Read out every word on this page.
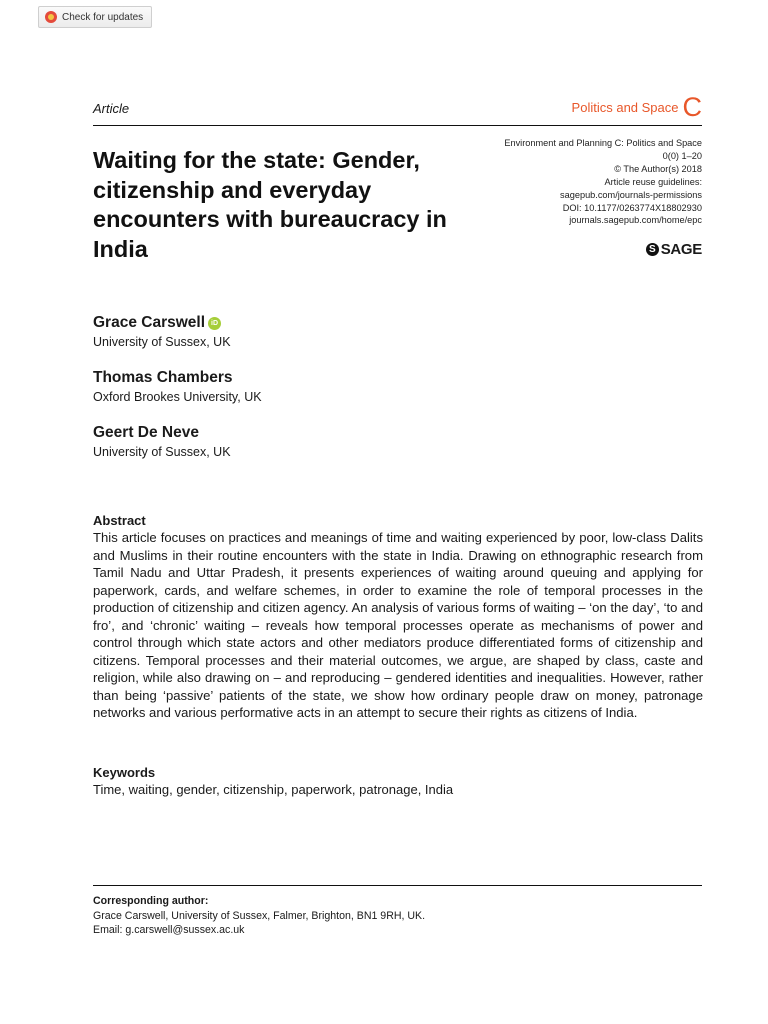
Check for updates
Article	Politics and Space C
Environment and Planning C: Politics and Space
0(0) 1–20
© The Author(s) 2018
Article reuse guidelines:
sagepub.com/journals-permissions
DOI: 10.1177/0263774X18802930
journals.sagepub.com/home/epc
S SAGE
Waiting for the state: Gender, citizenship and everyday encounters with bureaucracy in India
Grace Carswell iD
University of Sussex, UK
Thomas Chambers
Oxford Brookes University, UK
Geert De Neve
University of Sussex, UK
Abstract

This article focuses on practices and meanings of time and waiting experienced by poor, low-class Dalits and Muslims in their routine encounters with the state in India. Drawing on ethnographic research from Tamil Nadu and Uttar Pradesh, it presents experiences of waiting around queuing and applying for paperwork, cards, and welfare schemes, in order to examine the role of temporal processes in the production of citizenship and citizen agency. An analysis of various forms of waiting – ‘on the day’, ‘to and fro’, and ‘chronic’ waiting – reveals how temporal processes operate as mechanisms of power and control through which state actors and other mediators produce differentiated forms of citizenship and citizens. Temporal processes and their material outcomes, we argue, are shaped by class, caste and religion, while also drawing on – and reproducing – gendered identities and inequalities. However, rather than being ‘passive’ patients of the state, we show how ordinary people draw on money, patronage networks and various performative acts in an attempt to secure their rights as citizens of India.

Keywords
Time, waiting, gender, citizenship, paperwork, patronage, India
Corresponding author:
Grace Carswell, University of Sussex, Falmer, Brighton, BN1 9RH, UK.
Email: g.carswell@sussex.ac.uk
